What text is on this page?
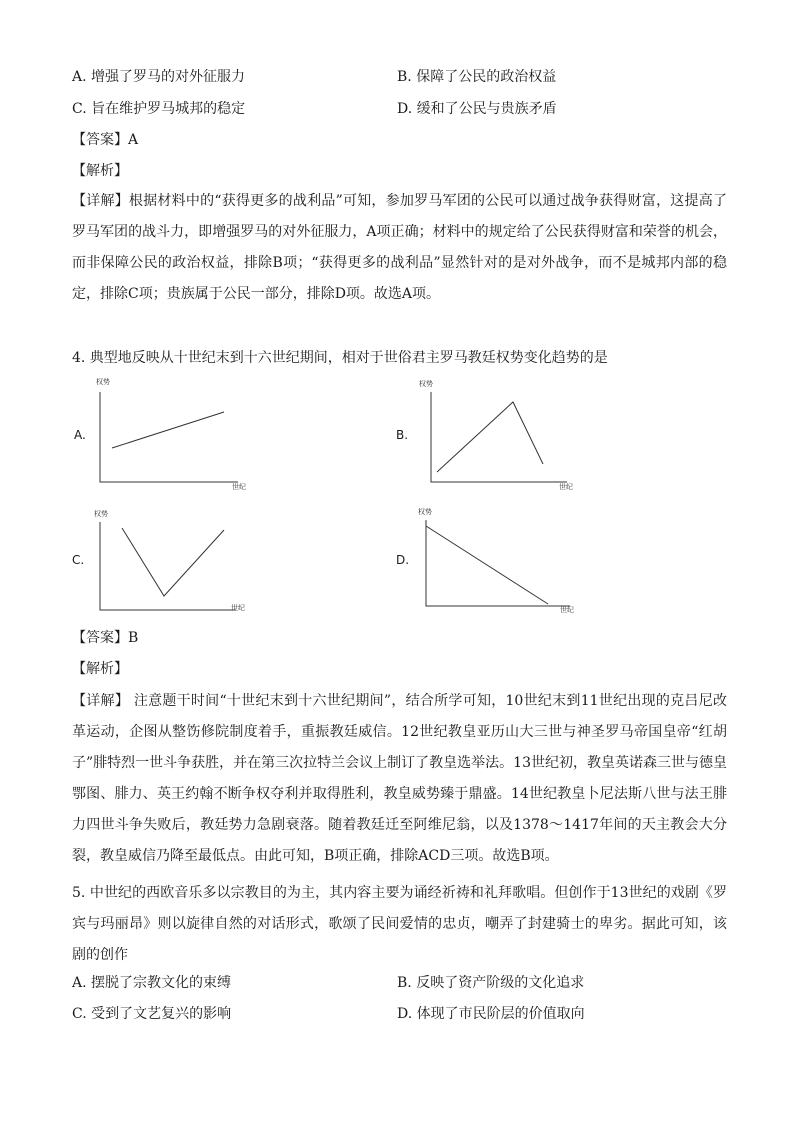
A. 增强了罗马的对外征服力	B. 保障了公民的政治权益
C. 旨在维护罗马城邦的稳定	D. 缓和了公民与贵族矛盾
【答案】A
【解析】
【详解】根据材料中的“获得更多的战利品”可知，参加罗马军团的公民可以通过战争获得财富，这提高了罗马军团的战斗力，即增强罗马的对外征服力，A项正确；材料中的规定给了公民获得财富和荣誉的机会，而非保障公民的政治权益，排除B项；“获得更多的战利品”显然针对的是对外战争，而不是城邦内部的稳定，排除C项；贵族属于公民一部分，排除D项。故选A项。
4. 典型地反映从十世纪末到十六世纪期间，相对于世俗君主罗马教廷权势变化趋势的是
A.
权势
世纪
B.
权势
世纪
C.
权势
世纪
D.
权势
世纪
【答案】B
【解析】
【详解】 注意题干时间“十世纪末到十六世纪期间”，结合所学可知，10世纪末到11世纪出现的克吕尼改革运动，企图从整饬修院制度着手，重振教廷威信。12世纪教皇亚历山大三世与神圣罗马帝国皇帝“红胡子”腓特烈一世斗争获胜，并在第三次拉特兰会议上制订了教皇选举法。13世纪初，教皇英诺森三世与德皇鄂图、腓力、英王约翰不断争权夺利并取得胜利，教皇威势臻于鼎盛。14世纪教皇卜尼法斯八世与法王腓力四世斗争失败后，教廷势力急剧衰落。随着教廷迁至阿维尼翁，以及1378～1417年间的天主教会大分裂，教皇威信乃降至最低点。由此可知，B项正确，排除ACD三项。故选B项。
5. 中世纪的西欧音乐多以宗教目的为主，其内容主要为诵经祈祷和礼拜歌唱。但创作于13世纪的戏剧《罗宾与玛丽昂》则以旋律自然的对话形式，歌颂了民间爱情的忠贞，嘲弄了封建骑士的卑劣。据此可知，该剧的创作
A. 摆脱了宗教文化的束缚	B. 反映了资产阶级的文化追求
C. 受到了文艺复兴的影响	D. 体现了市民阶层的价值取向
